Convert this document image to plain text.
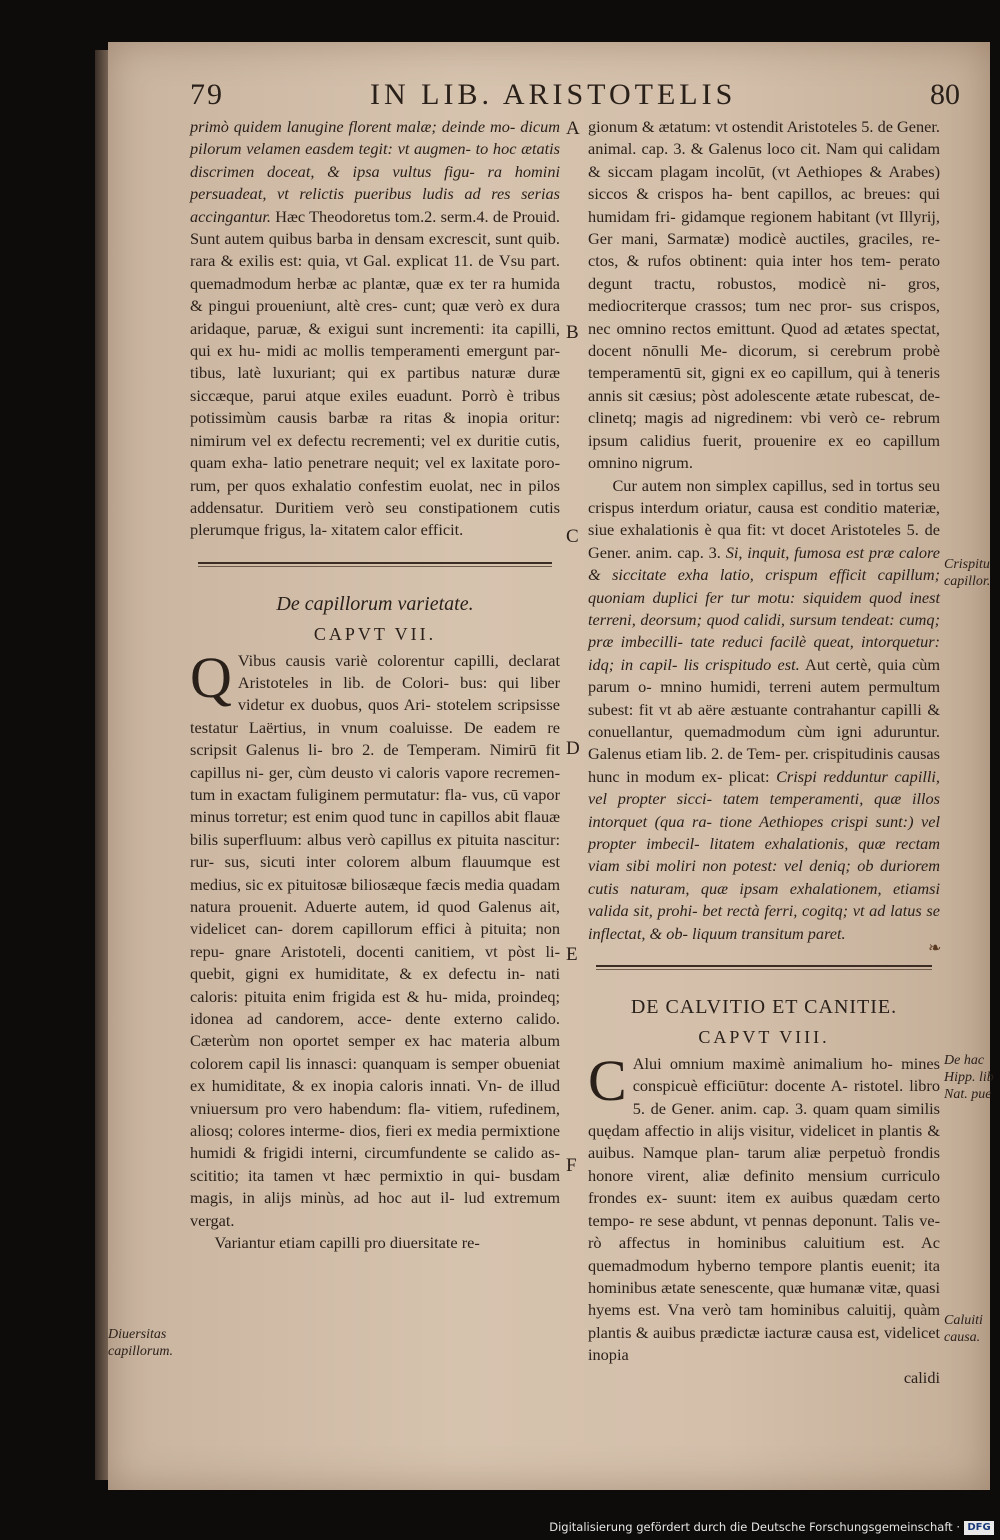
79	IN LIB. ARISTOTELIS	80

primò quidem lanugine florent malæ; deinde mo- dicum pilorum velamen easdem tegit: vt augmen- to hoc ætatis discrimen doceat, & ipsa vultus figu- ra homini persuadeat, vt relictis pueribus ludis ad res serias accingantur. Hæc Theodoretus tom.2. serm.4. de Prouid. Sunt autem quibus barba in densam excrescit, sunt quib. rara & exilis est: quia, vt Gal. explicat 11. de Vsu part. quemadmodum herbæ ac plantæ, quæ ex ter ra humida & pingui proueniunt, altè cres- cunt; quæ verò ex dura aridaque, paruæ, & exigui sunt incrementi: ita capilli, qui ex hu- midi ac mollis temperamenti emergunt par- tibus, latè luxuriant; qui ex partibus naturæ duræ siccæque, parui atque exiles euadunt. Porrò è tribus potissimùm causis barbæ ra ritas & inopia oritur: nimirum vel ex defectu recrementi; vel ex duritie cutis, quam exha- latio penetrare nequit; vel ex laxitate poro- rum, per quos exhalatio confestim euolat, nec in pilos addensatur. Duritiem verò seu constipationem cutis plerumque frigus, la- xitatem calor efficit.

De capillorum varietate.
CAPVT VII.

Q Vibus causis variè colorentur capilli, declarat Aristoteles in lib. de Colori- bus: qui liber videtur ex duobus, quos Ari- stotelem scripsisse testatur Laërtius, in vnum coaluisse. De eadem re scripsit Galenus li- bro 2. de Temperam. Nimirū fit capillus ni- ger, cùm deusto vi caloris vapore recremen- tum in exactam fuliginem permutatur: fla- vus, cū vapor minus torretur; est enim quod tunc in capillos abit flauæ bilis superfluum: albus verò capillus ex pituita nascitur: rur- sus, sicuti inter colorem album flauumque est medius, sic ex pituitosæ biliosæque fæcis media quadam natura prouenit. Aduerte autem, id quod Galenus ait, videlicet can- dorem capillorum effici à pituita; non repu- gnare Aristoteli, docenti canitiem, vt pòst li- quebit, gigni ex humiditate, & ex defectu in- nati caloris: pituita enim frigida est & hu- mida, proindeq; idonea ad candorem, acce- dente externo calido. Cæterùm non oportet semper ex hac materia album colorem capil lis innasci: quanquam is semper obueniat ex humiditate, & ex inopia caloris innati. Vn- de illud vniuersum pro vero habendum: fla- vitiem, rufedinem, aliosq; colores interme- dios, fieri ex media permixtione humidi & frigidi interni, circumfundente se calido as- scititio; ita tamen vt hæc permixtio in qui- busdam magis, in alijs minùs, ad hoc aut il- lud extremum vergat.

Variantur etiam capilli pro diuersitate re-

gionum & ætatum: vt ostendit Aristoteles 5. de Gener. animal. cap. 3. & Galenus loco cit. Nam qui calidam & siccam plagam incolūt, (vt Aethiopes & Arabes) siccos & crispos ha- bent capillos, ac breues: qui humidam fri- gidamque regionem habitant (vt Illyrij, Ger mani, Sarmatæ) modicè auctiles, graciles, re- ctos, & rufos obtinent: quia inter hos tem- perato degunt tractu, robustos, modicè ni- gros, mediocriterque crassos; tum nec pror- sus crispos, nec omnino rectos emittunt. Quod ad ætates spectat, docent nōnulli Me- dicorum, si cerebrum probè temperamentū sit, gigni ex eo capillum, qui à teneris annis sit cæsius; pòst adolescente ætate rubescat, de- clinetq; magis ad nigredinem: vbi verò ce- rebrum ipsum calidius fuerit, prouenire ex eo capillum omnino nigrum.

Cur autem non simplex capillus, sed in tortus seu crispus interdum oriatur, causa est conditio materiæ, siue exhalationis è qua fit: vt docet Aristoteles 5. de Gener. anim. cap. 3. Si, inquit, fumosa est præ calore & siccitate exha latio, crispum efficit capillum; quoniam duplici fer tur motu: siquidem quod inest terreni, deorsum; quod calidi, sursum tendeat: cumq; præ imbecilli- tate reduci facilè queat, intorquetur: idq; in capil- lis crispitudo est. Aut certè, quia cùm parum o- mnino humidi, terreni autem permultum subest: fit vt ab aëre æstuante contrahantur capilli & conuellantur, quemadmodum cùm igni aduruntur. Galenus etiam lib. 2. de Tem- per. crispitudinis causas hunc in modum ex- plicat: Crispi redduntur capilli, vel propter sicci- tatem temperamenti, quæ illos intorquet (qua ra- tione Aethiopes crispi sunt:) vel propter imbecil- litatem exhalationis, quæ rectam viam sibi moliri non potest: vel deniq; ob duriorem cutis naturam, quæ ipsam exhalationem, etiamsi valida sit, prohi- bet rectà ferri, cogitq; vt ad latus se inflectat, & ob- liquum transitum paret.

DE CALVITIO ET CANITIE.
CAPVT VIII.

C Alui omnium maximè animalium ho- mines conspicuè efficiūtur: docente A- ristotel. libro 5. de Gener. anim. cap. 3. quam quam similis quędam affectio in alijs visitur, videlicet in plantis & auibus. Namque plan- tarum aliæ perpetuò frondis honore virent, aliæ definito mensium curriculo frondes ex- suunt: item ex auibus quædam certo tempo- re sese abdunt, vt pennas deponunt. Talis ve- rò affectus in hominibus caluitium est. Ac quemadmodum hyberno tempore plantis euenit; ita hominibus ætate senescente, quæ humanæ vitæ, quasi hyems est. Vna verò tam hominibus caluitij, quàm plantis & auibus prædictæ iacturæ causa est, videlicet inopia

calidi

A
B
C
D
E
F
Diuersitas capillorum.
Crispitu capillor.
De hac Hipp. lib Nat. pue
Caluiti causa.
❧
Digitalisierung gefördert durch die Deutsche Forschungsgemeinschaft · DFG
